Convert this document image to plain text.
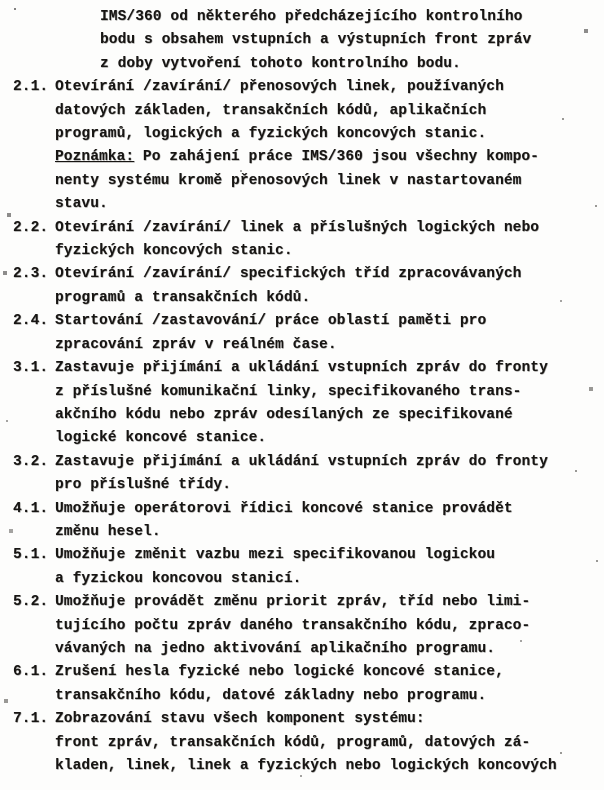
IMS/360 od některého předcházejícího kontrolního
bodu s obsahem vstupních a výstupních front zpráv
z doby vytvoření tohoto kontrolního bodu.
2.1. Otevírání /zavírání/ přenosových linek, používaných
datových základen, transakčních kódů, aplikačních
programů, logických a fyzických koncových stanic.
Poznámka: Po zahájení práce IMS/360 jsou všechny kompo-
nenty systému kromě přenosových linek v nastartovaném
stavu.
2.2. Otevírání /zavírání/ linek a příslušných logických nebo
fyzických koncových stanic.
2.3. Otevírání /zavírání/ specifických tříd zpracovávaných
programů a transakčních kódů.
2.4. Startování /zastavování/ práce oblastí paměti pro
zpracování zpráv v reálném čase.
3.1. Zastavuje přijímání a ukládání vstupních zpráv do fronty
z příslušné komunikační linky, specifikovaného trans-
akčního kódu nebo zpráv odesílaných ze specifikované
logické koncové stanice.
3.2. Zastavuje přijímání a ukládání vstupních zpráv do fronty
pro příslušné třídy.
4.1. Umožňuje operátorovi řídici koncové stanice provádět
změnu hesel.
5.1. Umožňuje změnit vazbu mezi specifikovanou logickou
a fyzickou koncovou stanicí.
5.2. Umožňuje provádět změnu priorit zpráv, tříd nebo limi-
tujícího počtu zpráv daného transakčního kódu, zpraco-
vávaných na jedno aktivování aplikačního programu.
6.1. Zrušení hesla fyzické nebo logické koncové stanice,
transakčního kódu, datové základny nebo programu.
7.1. Zobrazování stavu všech komponent systému:
front zpráv, transakčních kódů, programů, datových zá-
kladen, linek, linek a fyzických nebo logických koncových
